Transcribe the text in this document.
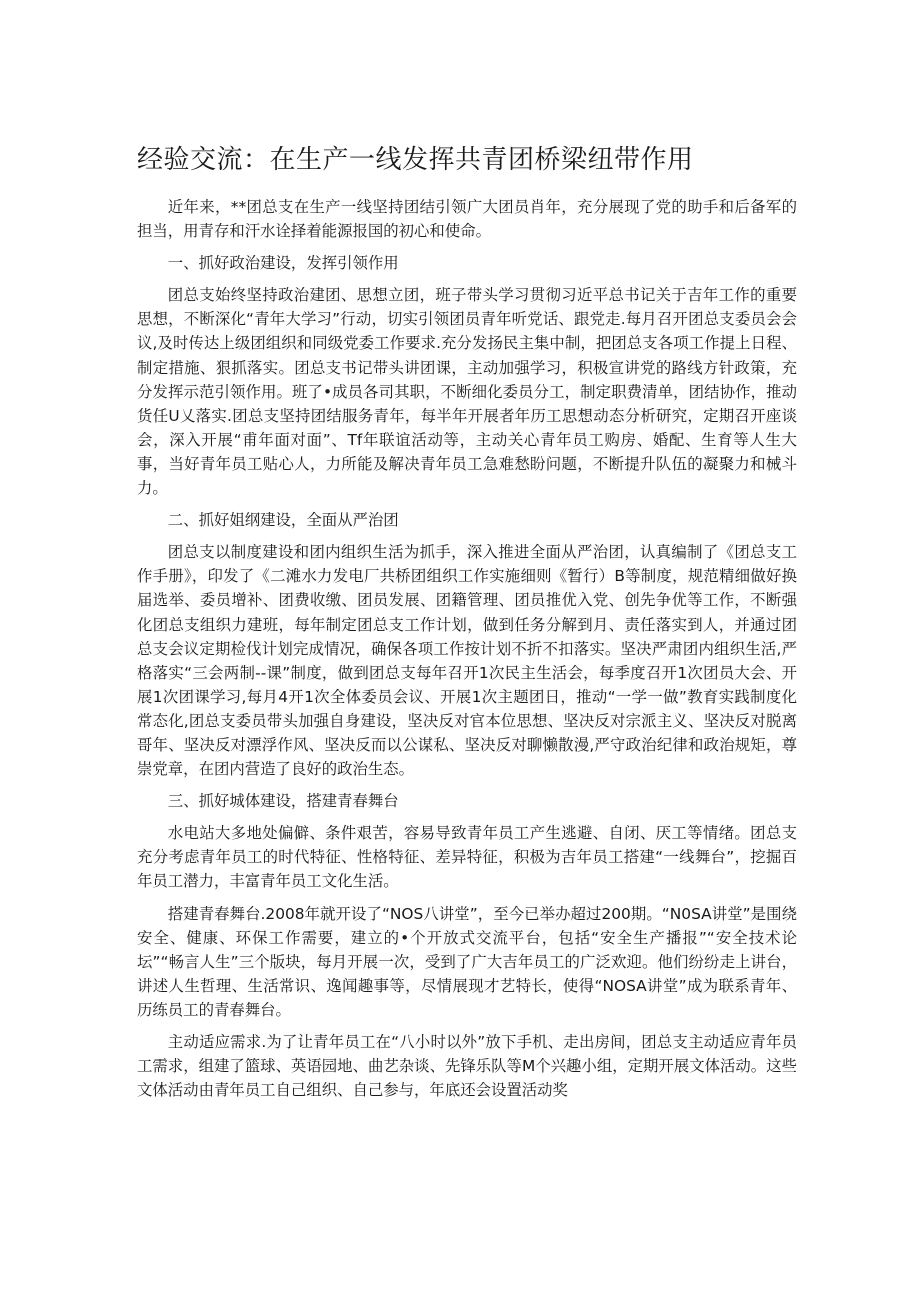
经验交流：在生产一线发挥共青团桥梁纽带作用

近年来，**团总支在生产一线坚持团结引领广大团员肖年，充分展现了党的助手和后备军的担当，用青存和汗水诠择着能源报国的初心和使命。

一、抓好政治建设，发挥引领作用

团总支始终坚持政治建团、思想立团，班子带头学习贯彻习近平总书记关于吉年工作的重要思想，不断深化“青年大学习”行动，切实引领团员青年听党话、跟党走.每月召开团总支委员会会议,及时传达上级团组织和同级党委工作要求.充分发扬民主集中制，把团总支各项工作提上日程、制定措施、狠抓落实。团总支书记带头讲团课，主动加强学习，积极宣讲党的路线方针政策，充分发挥示范引领作用。班了•成员各司其职，不断细化委员分工，制定职费清单，团结协作，推动货任U乂落实.团总支坚持团结服务青年，每半年开展者年历工思想动态分析研究，定期召开座谈会，深入开展“甫年面对面”、Tf年联谊活动等，主动关心青年员工购房、婚配、生育等人生大事，当好青年员工贴心人，力所能及解决青年员工急难愁盼问题，不断提升队伍的凝聚力和械斗力。

二、抓好姐纲建设，全面从严治团

团总支以制度建设和团内组织生活为抓手，深入推进全面从严治团，认真编制了《团总支工作手册》，印发了《二滩水力发电厂共桥团组织工作实施细则《暂行）B等制度，规范精细做好换届选举、委员增补、团费收缴、团员发展、团籍管理、团员推优入党、创先争优等工作，不断强化团总支组织力建班，每年制定团总支工作计划，做到任务分解到月、责任落实到人，并通过团总支会议定期检伐计划完成情况，确保各项工作按计划不折不扣落实。坚决严肃团内组织生活,严格落实“三会两制--课”制度，做到团总支每年召开1次民主生活会，每季度召开1次团员大会、开展1次团课学习,每月4开1次全体委员会议、开展1次主题团日，推动“一学一做”教育实践制度化常态化,团总支委员带头加强自身建设，坚决反对官本位思想、坚决反对宗派主义、坚决反对脱离哥年、坚决反对漂浮作风、坚决反而以公谋私、坚决反对聊懒散漫,严守政治纪律和政治规矩，尊崇党章，在团内营造了良好的政治生态。

三、抓好城体建设，搭建青春舞台

水电站大多地处偏僻、条件艰苦，容易导致青年员工产生逃避、自闭、厌工等情绪。团总支充分考虑青年员工的时代特征、性格特征、差异特征，积极为吉年员工搭建“一线舞台”，挖掘百年员工潜力，丰富青年员工文化生活。

搭建青春舞台.2008年就开设了“NOS八讲堂”，至今已举办超过200期。“N0SA讲堂”是围绕安全、健康、环保工作需要，建立的•个开放式交流平台，包括“安全生产播报”“安全技术论坛”“畅言人生”三个版块，每月开展一次，受到了广大吉年员工的广泛欢迎。他们纷纷走上讲台，讲述人生哲理、生活常识、逸闻趣事等，尽情展现才艺特长，使得“NOSA讲堂”成为联系青年、历练员工的青春舞台。

主动适应需求.为了让青年员工在“八小时以外”放下手机、走出房间，团总支主动适应青年员工需求，组建了篮球、英语园地、曲艺杂谈、先锋乐队等M个兴趣小组，定期开展文体活动。这些文体活动由青年员工自己组织、自己参与，年底还会设置活动奖
